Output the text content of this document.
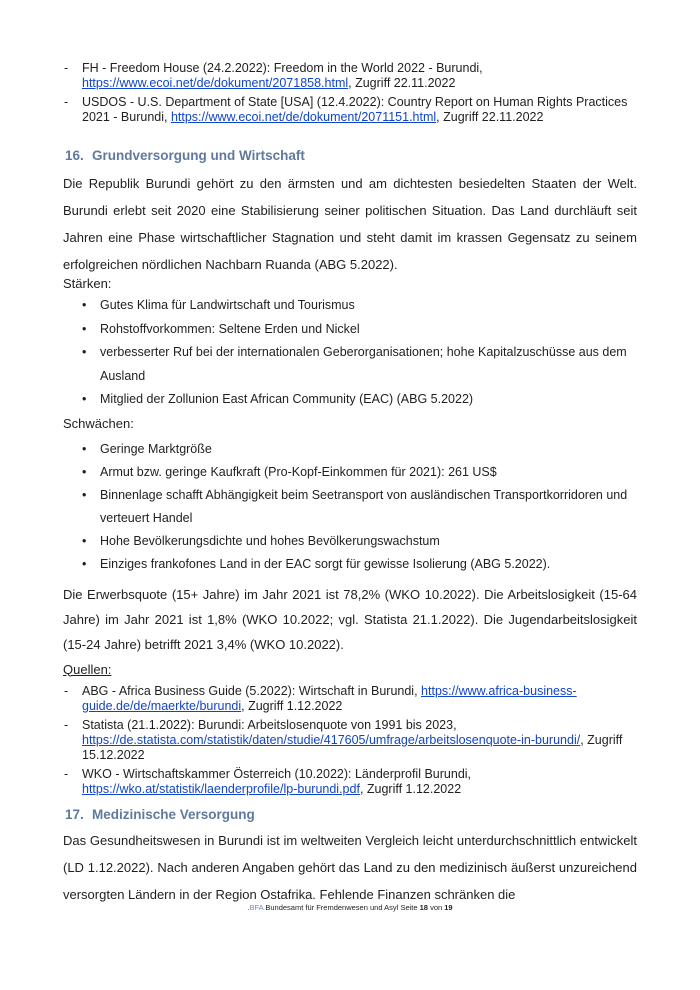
- FH - Freedom House (24.2.2022): Freedom in the World 2022 - Burundi, https://www.ecoi.net/de/dokument/2071858.html, Zugriff 22.11.2022
- USDOS - U.S. Department of State [USA] (12.4.2022): Country Report on Human Rights Practices 2021 - Burundi, https://www.ecoi.net/de/dokument/2071151.html, Zugriff 22.11.2022
16. Grundversorgung und Wirtschaft

Die Republik Burundi gehört zu den ärmsten und am dichtesten besiedelten Staaten der Welt. Burundi erlebt seit 2020 eine Stabilisierung seiner politischen Situation. Das Land durchläuft seit Jahren eine Phase wirtschaftlicher Stagnation und steht damit im krassen Gegensatz zu seinem erfolgreichen nördlichen Nachbarn Ruanda (ABG 5.2022).

Stärken:
• Gutes Klima für Landwirtschaft und Tourismus
• Rohstoffvorkommen: Seltene Erden und Nickel
• verbesserter Ruf bei der internationalen Geberorganisationen; hohe Kapitalzuschüsse aus dem Ausland
• Mitglied der Zollunion East African Community (EAC) (ABG 5.2022)
Schwächen:
• Geringe Marktgröße
• Armut bzw. geringe Kaufkraft (Pro-Kopf-Einkommen für 2021): 261 US$
• Binnenlage schafft Abhängigkeit beim Seetransport von ausländischen Transportkorridoren und verteuert Handel
• Hohe Bevölkerungsdichte und hohes Bevölkerungswachstum
• Einziges frankofones Land in der EAC sorgt für gewisse Isolierung (ABG 5.2022).

Die Erwerbsquote (15+ Jahre) im Jahr 2021 ist 78,2% (WKO 10.2022). Die Arbeitslosigkeit (15-64 Jahre) im Jahr 2021 ist 1,8% (WKO 10.2022; vgl. Statista 21.1.2022). Die Jugendarbeitslosigkeit (15-24 Jahre) betrifft 2021 3,4% (WKO 10.2022).

Quellen:
- ABG - Africa Business Guide (5.2022): Wirtschaft in Burundi, https://www.africa-business-guide.de/de/maerkte/burundi, Zugriff 1.12.2022
- Statista (21.1.2022): Burundi: Arbeitslosenquote von 1991 bis 2023, https://de.statista.com/statistik/daten/studie/417605/umfrage/arbeitslosenquote-in-burundi/, Zugriff 15.12.2022
- WKO - Wirtschaftskammer Österreich (10.2022): Länderprofil Burundi, https://wko.at/statistik/laenderprofile/lp-burundi.pdf, Zugriff 1.12.2022
17. Medizinische Versorgung

Das Gesundheitswesen in Burundi ist im weltweiten Vergleich leicht unterdurchschnittlich entwickelt (LD 1.12.2022). Nach anderen Angaben gehört das Land zu den medizinisch äußerst unzureichend versorgten Ländern in der Region Ostafrika. Fehlende Finanzen schränken die

.BFA Bundesamt für Fremdenwesen und Asyl Seite 18 von 19
